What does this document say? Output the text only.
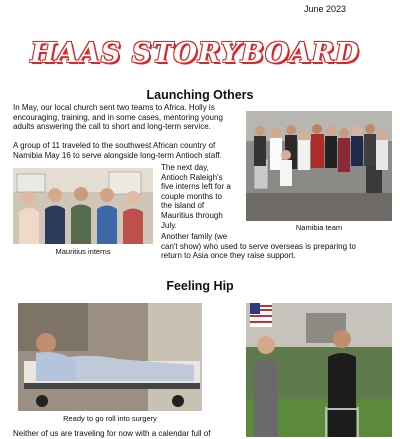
June 2023
HAAS STORYBOARD
Launching Others
In May, our local church sent two teams to Africa. Holly is
encouraging, training, and in some cases, mentoring young
adults answering the call to short and long-term service.
A group of 11 traveled to the southwest African country of
Namibia May 16 to serve alongside long-term Antioch staff.
Namibia team
Mauritius interns
The next day,
Antioch Raleigh's
five interns left for a
couple months to
the island of
Mauritius through
July.
Another family (we
can't show) who used to serve overseas is preparing to
return to Asia once they raise support.
Feeling Hip
Ready to go roll into surgery
Neither of us are traveling for now with a calendar full of
